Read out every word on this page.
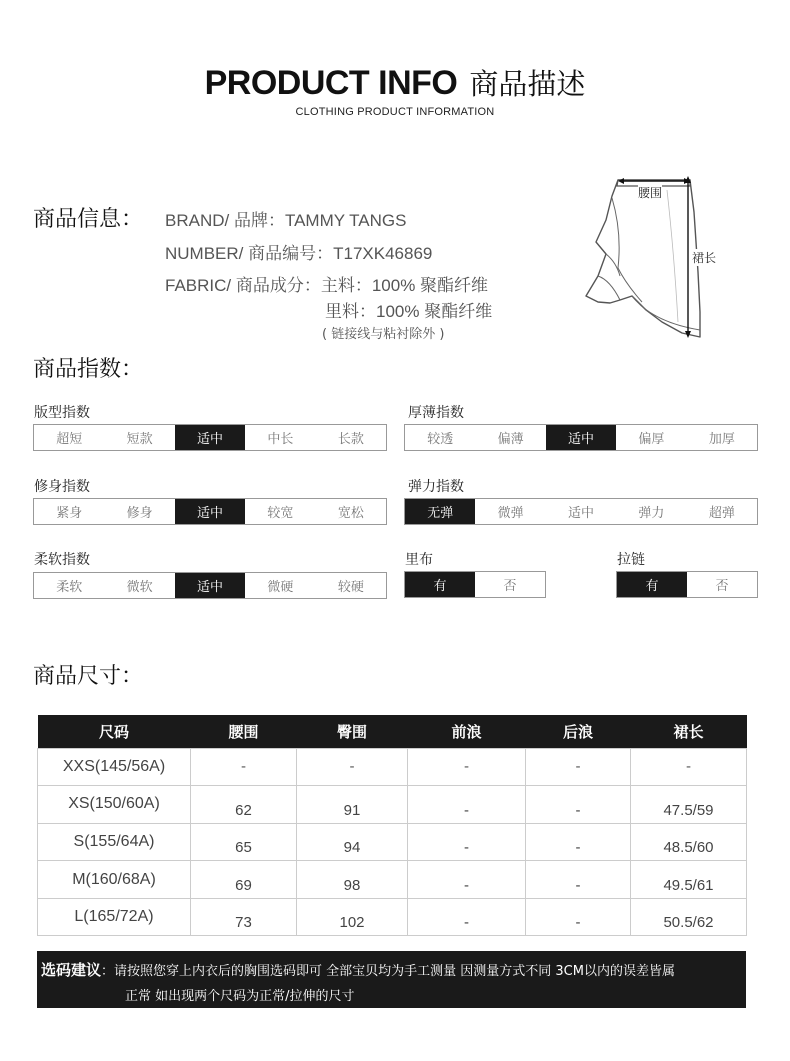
PRODUCT INFO 商品描述
CLOTHING PRODUCT INFORMATION
商品信息： BRAND/ 品牌：TAMMY TANGS
NUMBER/ 商品编号：T17XK46869
FABRIC/ 商品成分：主料：100% 聚酯纤维
里料：100% 聚酯纤维
( 链接线与粘衬除外 )
腰围
裙长
商品指数：
版型指数
超短	短款	适中	中长	长款
厚薄指数
较透	偏薄	适中	偏厚	加厚
修身指数
紧身	修身	适中	较宽	宽松
弹力指数
无弹	微弹	适中	弹力	超弹
柔软指数
柔软	微软	适中	微硬	较硬
里布
有	否
拉链
有	否
商品尺寸：
尺码	腰围	臀围	前浪	后浪	裙长
XXS(145/56A)	-	-	-	-	-
XS(150/60A)	62	91	-	-	47.5/59
S(155/64A)	65	94	-	-	48.5/60
M(160/68A)	69	98	-	-	49.5/61
L(165/72A)	73	102	-	-	50.5/62
选码建议：请按照您穿上内衣后的胸围选码即可 全部宝贝均为手工测量 因测量方式不同 3CM以内的误差皆属
正常 如出现两个尺码为正常/拉伸的尺寸
